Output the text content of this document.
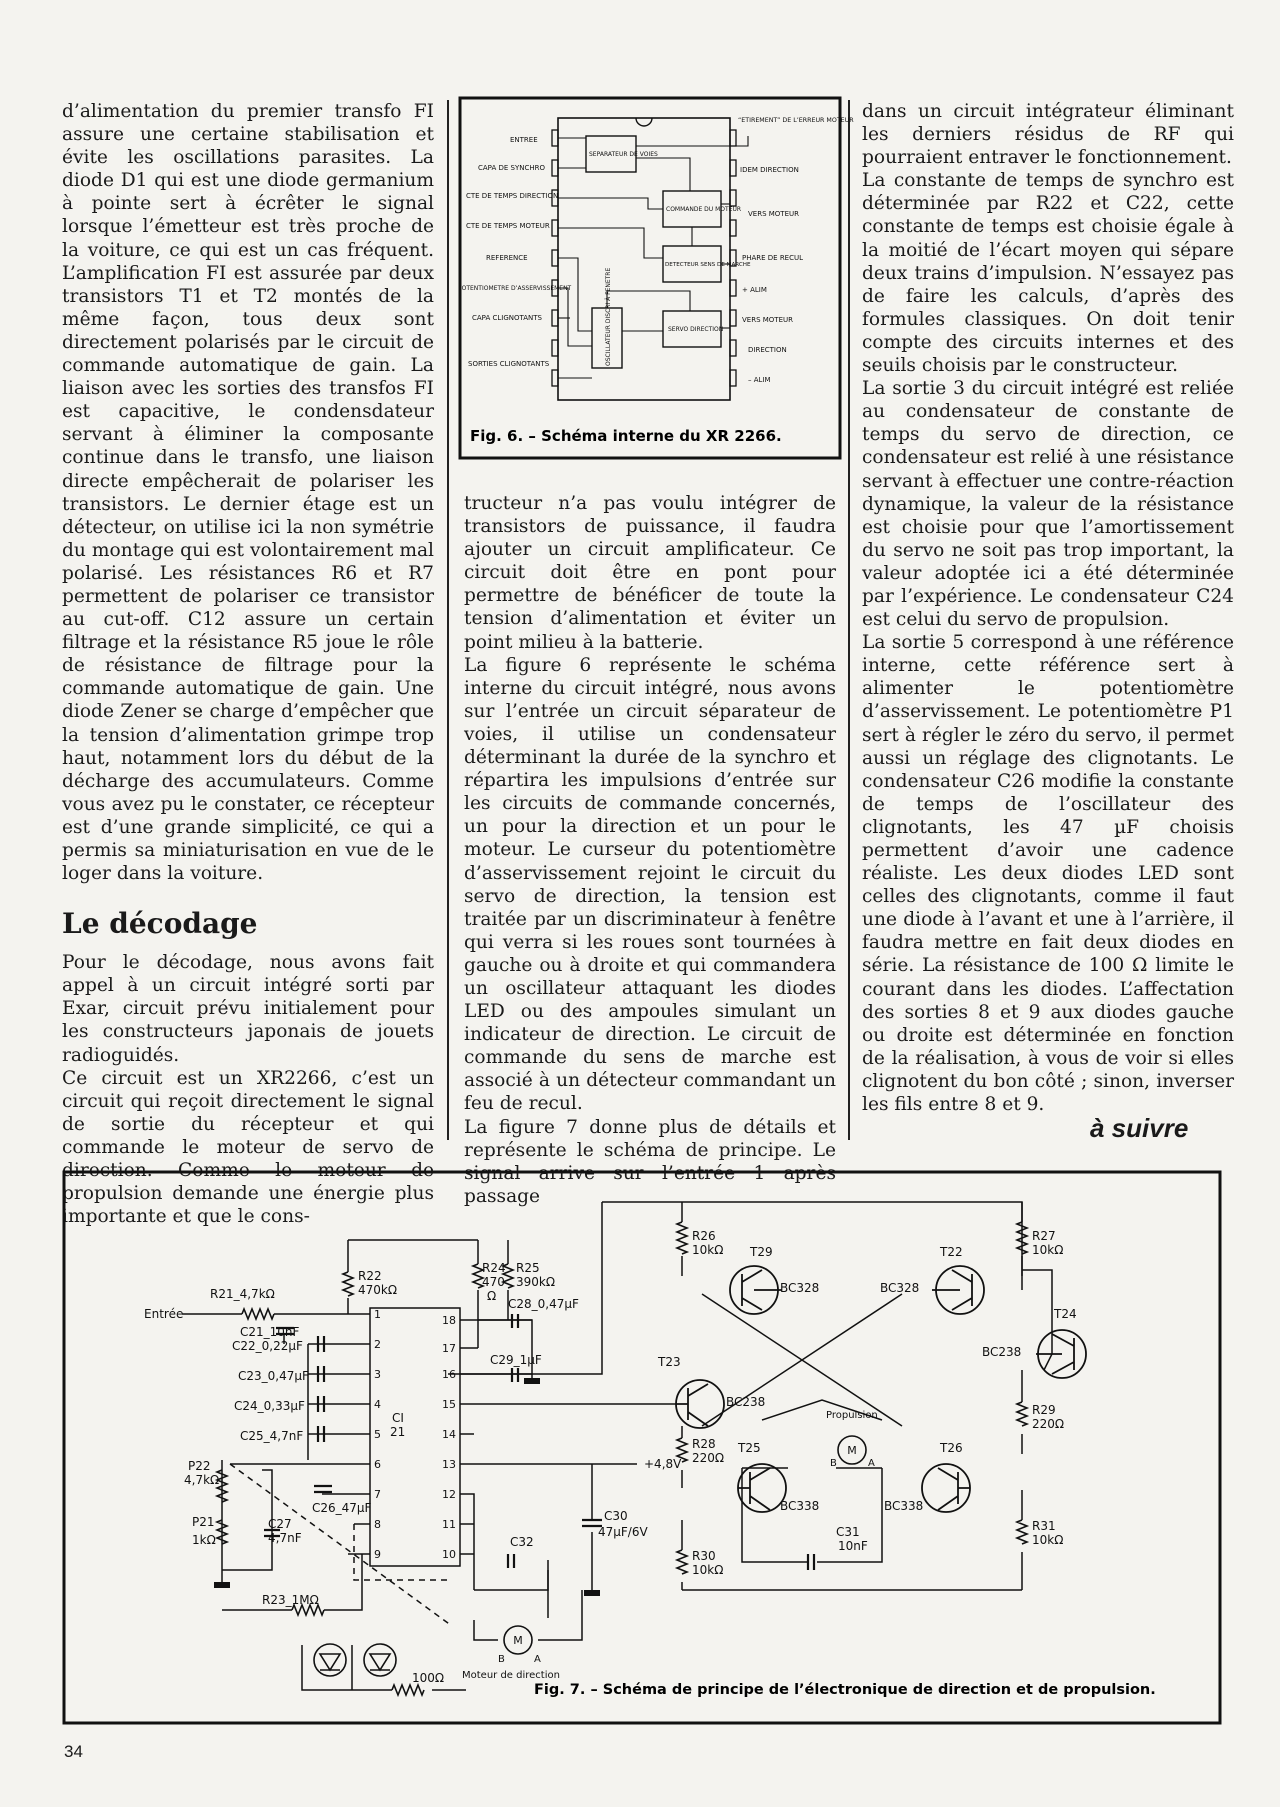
d’alimentation du premier transfo FI assure une certaine stabilisation et évite les oscillations parasites. La diode D1 qui est une diode germanium à pointe sert à écrêter le signal lorsque l’émetteur est très proche de la voiture, ce qui est un cas fréquent. L’amplification FI est assurée par deux transistors T1 et T2 montés de la même façon, tous deux sont directement polarisés par le circuit de commande automatique de gain. La liaison avec les sorties des transfos FI est capacitive, le condensdateur servant à éliminer la composante continue dans le transfo, une liaison directe empêcherait de polariser les transistors. Le dernier étage est un détecteur, on utilise ici la non symétrie du montage qui est volontairement mal polarisé. Les résistances R6 et R7 permettent de polariser ce transistor au cut-off. C12 assure un certain filtrage et la résistance R5 joue le rôle de résistance de filtrage pour la commande automatique de gain. Une diode Zener se charge d’empêcher que la tension d’alimentation grimpe trop haut, notamment lors du début de la décharge des accumulateurs. Comme vous avez pu le constater, ce récepteur est d’une grande simplicité, ce qui a permis sa miniaturisation en vue de le loger dans la voiture.

Le décodage

Pour le décodage, nous avons fait appel à un circuit intégré sorti par Exar, circuit prévu initialement pour les constructeurs japonais de jouets radioguidés.

Ce circuit est un XR2266, c’est un circuit qui reçoit directement le signal de sortie du récepteur et qui commande le moteur de servo de direction. Comme le moteur de propulsion demande une énergie plus importante et que le cons-

tructeur n’a pas voulu intégrer de transistors de puissance, il faudra ajouter un circuit amplificateur. Ce circuit doit être en pont pour permettre de bénéficer de toute la tension d’alimentation et éviter un point milieu à la batterie.

La figure 6 représente le schéma interne du circuit intégré, nous avons sur l’entrée un circuit séparateur de voies, il utilise un condensateur déterminant la durée de la synchro et répartira les impulsions d’entrée sur les circuits de commande concernés, un pour la direction et un pour le moteur. Le curseur du potentiomètre d’asservissement rejoint le circuit du servo de direction, la tension est traitée par un discriminateur à fenêtre qui verra si les roues sont tournées à gauche ou à droite et qui commandera un oscillateur attaquant les diodes LED ou des ampoules simulant un indicateur de direction. Le circuit de commande du sens de marche est associé à un détecteur commandant un feu de recul.

La figure 7 donne plus de détails et représente le schéma de principe. Le signal arrive sur l’entrée 1 après passage

dans un circuit intégrateur éliminant les derniers résidus de RF qui pourraient entraver le fonctionnement.

La constante de temps de synchro est déterminée par R22 et C22, cette constante de temps est choisie égale à la moitié de l’écart moyen qui sépare deux trains d’impulsion. N’essayez pas de faire les calculs, d’après des formules classiques. On doit tenir compte des circuits internes et des seuils choisis par le constructeur.

La sortie 3 du circuit intégré est reliée au condensateur de constante de temps du servo de direction, ce condensateur est relié à une résistance servant à effectuer une contre-réaction dynamique, la valeur de la résistance est choisie pour que l’amortissement du servo ne soit pas trop important, la valeur adoptée ici a été déterminée par l’expérience. Le condensateur C24 est celui du servo de propulsion.

La sortie 5 correspond à une référence interne, cette référence sert à alimenter le potentiomètre d’asservissement. Le potentiomètre P1 sert à régler le zéro du servo, il permet aussi un réglage des clignotants. Le condensateur C26 modifie la constante de temps de l’oscillateur des clignotants, les 47 µF choisis permettent d’avoir une cadence réaliste. Les deux diodes LED sont celles des clignotants, comme il faut une diode à l’avant et une à l’arrière, il faudra mettre en fait deux diodes en série. La résistance de 100 Ω limite le courant dans les diodes. L’affectation des sorties 8 et 9 aux diodes gauche ou droite est déterminée en fonction de la réalisation, à vous de voir si elles clignotent du bon côté ; sinon, inverser les fils entre 8 et 9.

à suivre
34
ENTREE
CAPA DE SYNCHRO
CTE DE TEMPS DIRECTION
CTE DE TEMPS MOTEUR
REFERENCE
POTENTIOMETRE D’ASSERVISSEMENT
CAPA CLIGNOTANTS
SORTIES CLIGNOTANTS
“ETIREMENT” DE L’ERREUR MOTEUR
IDEM DIRECTION
VERS MOTEUR
PHARE DE RECUL
+ ALIM
VERS MOTEUR
DIRECTION
– ALIM
SEPARATEUR DE VOIES
COMMANDE DU MOTEUR
DETECTEUR SENS DE MARCHE
SERVO DIRECTION
OSCILLATEUR DISCRI À FENETRE
Fig. 6. – Schéma interne du XR 2266.
Entrée
R21_4,7kΩ
R22
470kΩ
R24
470
Ω
R25
390kΩ
C21_10nF
C22_0,22µF
C23_0,47µF
C24_0,33µF
C25_4,7nF
C26_47µF
C27
4,7nF
C28_0,47µF
C29_1µF
C30
47µF/6V	C31
10nF
C32
P22
4,7kΩ
P21
1kΩ
R23_1MΩ
100Ω
CI
21
+4,8V
Moteur de direction
M
B	A
Propulsion
M
B	A
R26
10kΩ
R27
10kΩ
R28
220Ω
R29
220Ω
R30
10kΩ
R31
10kΩ
T22
T23
T24
T25	T26
T29
BC328	BC328
BC238
BC238
BC338	BC338
1
2
3
4
5
6
7
8
9
18
17
16
15
14
13
12
11
10
Fig. 7. – Schéma de principe de l’électronique de direction et de propulsion.
